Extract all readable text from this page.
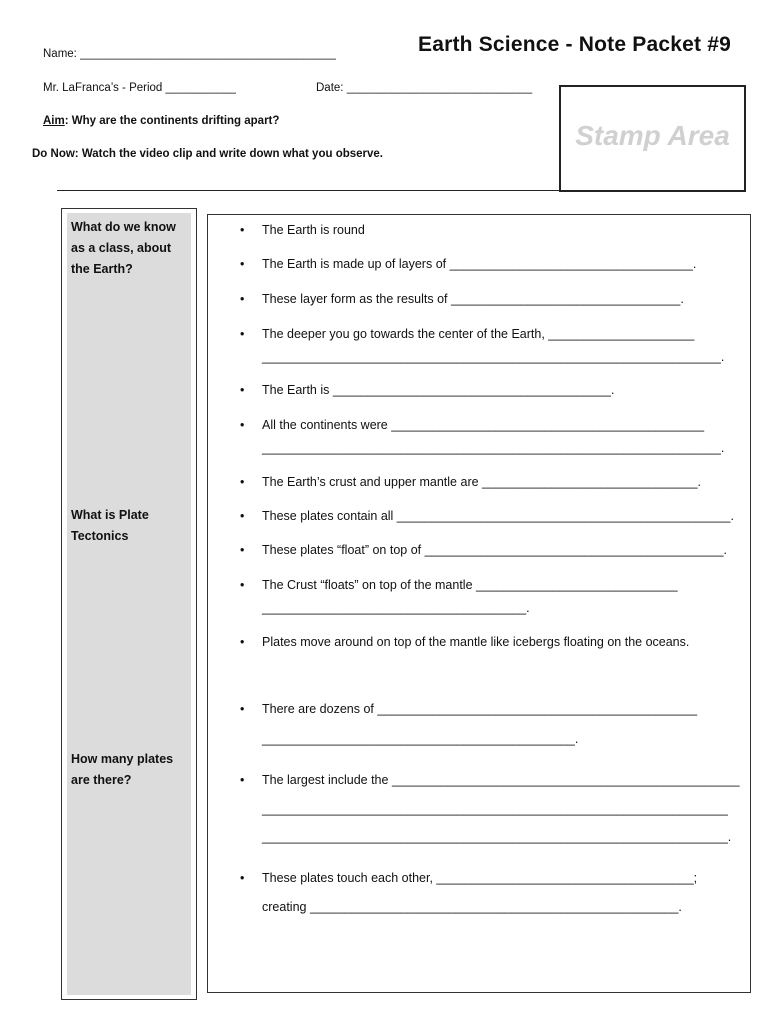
Name: ________________________________________	Earth Science - Note Packet #9
Mr. LaFranca’s - Period ___________	Date: _____________________________
Aim: Why are the continents drifting apart?
Do Now: Watch the video clip and write down what you observe.
Stamp Area
What do we know as a class, about the Earth?
What is Plate Tectonics
How many plates are there?
• The Earth is round
• The Earth is made up of layers of ___________________________________.
• These layer form as the results of _________________________________.
• The deeper you go towards the center of the Earth, _____________________
__________________________________________________________________.
• The Earth is ________________________________________.
• All the continents were _____________________________________________
__________________________________________________________________.
• The Earth’s crust and upper mantle are _______________________________.
• These plates contain all ________________________________________________.
• These plates “float” on top of ___________________________________________.
• The Crust “floats” on top of the mantle _____________________________
______________________________________.
• Plates move around on top of the mantle like icebergs floating on the oceans.
• There are dozens of ______________________________________________
_____________________________________________.
• The largest include the __________________________________________________
___________________________________________________________________
___________________________________________________________________.
• These plates touch each other, _____________________________________;
creating _____________________________________________________.
